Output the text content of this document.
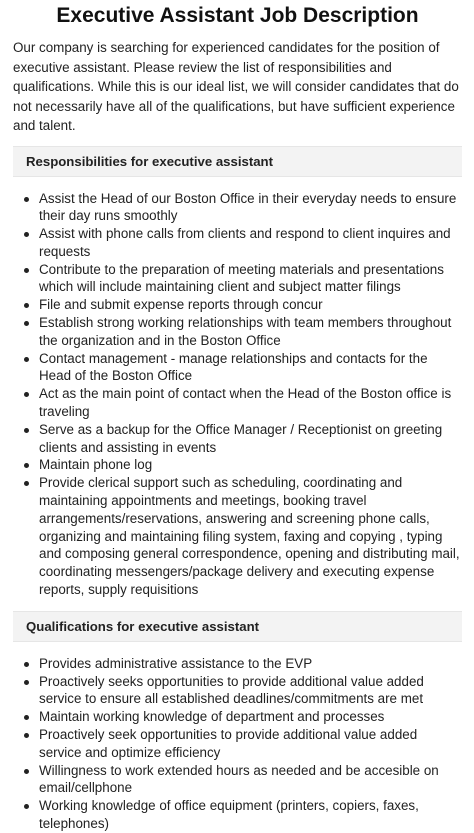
Executive Assistant Job Description

Our company is searching for experienced candidates for the position of executive assistant. Please review the list of responsibilities and qualifications. While this is our ideal list, we will consider candidates that do not necessarily have all of the qualifications, but have sufficient experience and talent.

Responsibilities for executive assistant
Assist the Head of our Boston Office in their everyday needs to ensure their day runs smoothly
Assist with phone calls from clients and respond to client inquires and requests
Contribute to the preparation of meeting materials and presentations which will include maintaining client and subject matter filings
File and submit expense reports through concur
Establish strong working relationships with team members throughout the organization and in the Boston Office
Contact management - manage relationships and contacts for the Head of the Boston Office
Act as the main point of contact when the Head of the Boston office is traveling
Serve as a backup for the Office Manager / Receptionist on greeting clients and assisting in events
Maintain phone log
Provide clerical support such as scheduling, coordinating and maintaining appointments and meetings, booking travel arrangements/reservations, answering and screening phone calls, organizing and maintaining filing system, faxing and copying , typing and composing general correspondence, opening and distributing mail, coordinating messengers/package delivery and executing expense reports, supply requisitions
Qualifications for executive assistant
Provides administrative assistance to the EVP
Proactively seeks opportunities to provide additional value added service to ensure all established deadlines/commitments are met
Maintain working knowledge of department and processes
Proactively seek opportunities to provide additional value added service and optimize efficiency
Willingness to work extended hours as needed and be accesible on email/cellphone
Working knowledge of office equipment (printers, copiers, faxes, telephones)
